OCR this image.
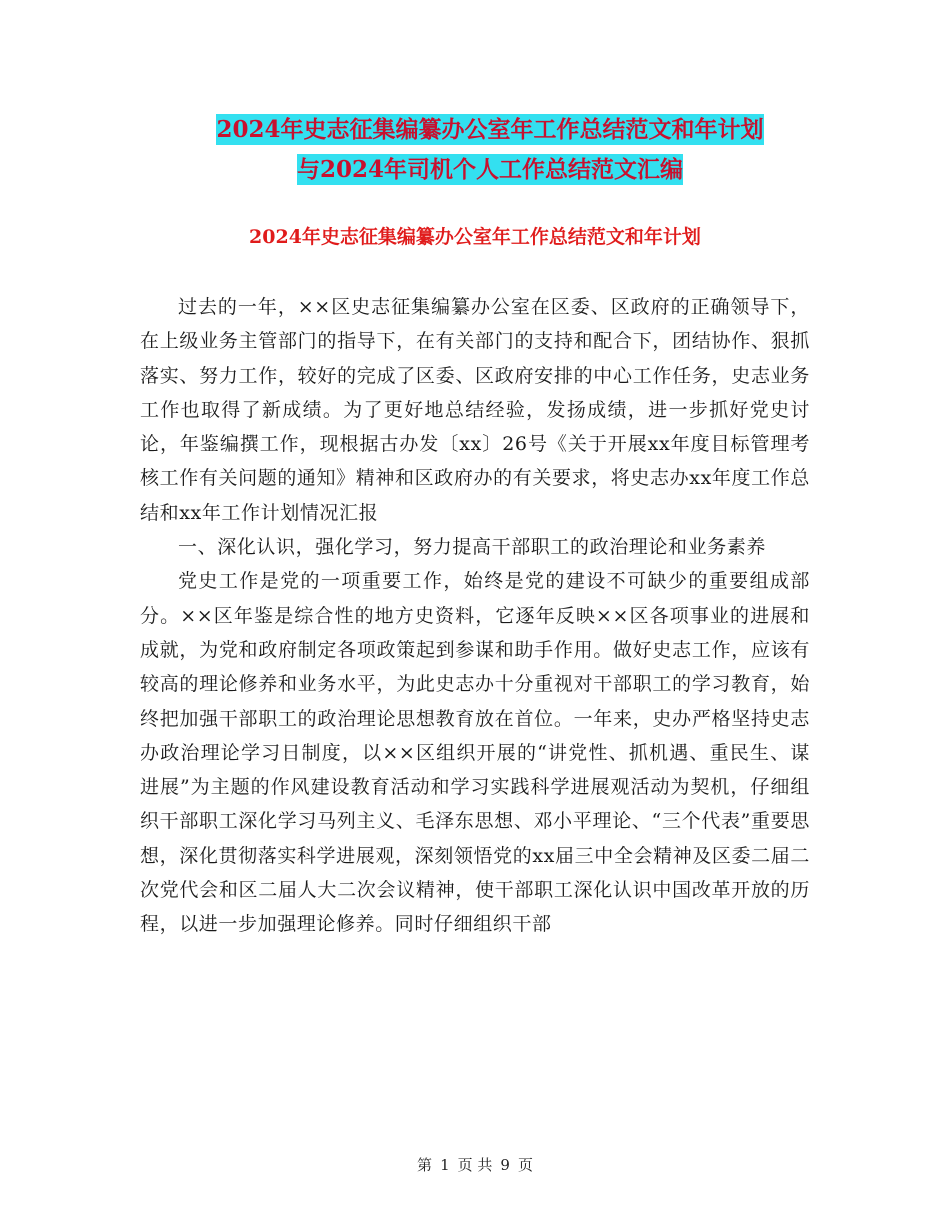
2024年史志征集编纂办公室年工作总结范文和年计划
与2024年司机个人工作总结范文汇编
2024年史志征集编纂办公室年工作总结范文和年计划

过去的一年，××区史志征集编纂办公室在区委、区政府的正确领导下，在上级业务主管部门的指导下，在有关部门的支持和配合下，团结协作、狠抓落实、努力工作，较好的完成了区委、区政府安排的中心工作任务，史志业务工作也取得了新成绩。为了更好地总结经验，发扬成绩，进一步抓好党史讨论，年鉴编撰工作，现根据古办发〔xx〕26号《关于开展xx年度目标管理考核工作有关问题的通知》精神和区政府办的有关要求，将史志办xx年度工作总结和xx年工作计划情况汇报

一、深化认识，强化学习，努力提高干部职工的政治理论和业务素养

党史工作是党的一项重要工作，始终是党的建设不可缺少的重要组成部分。××区年鉴是综合性的地方史资料，它逐年反映××区各项事业的进展和成就，为党和政府制定各项政策起到参谋和助手作用。做好史志工作，应该有较高的理论修养和业务水平，为此史志办十分重视对干部职工的学习教育，始终把加强干部职工的政治理论思想教育放在首位。一年来，史办严格坚持史志办政治理论学习日制度，以××区组织开展的“讲党性、抓机遇、重民生、谋进展”为主题的作风建设教育活动和学习实践科学进展观活动为契机，仔细组织干部职工深化学习马列主义、毛泽东思想、邓小平理论、“三个代表”重要思想，深化贯彻落实科学进展观，深刻领悟党的xx届三中全会精神及区委二届二次党代会和区二届人大二次会议精神，使干部职工深化认识中国改革开放的历程，以进一步加强理论修养。同时仔细组织干部

第 1 页 共 9 页
